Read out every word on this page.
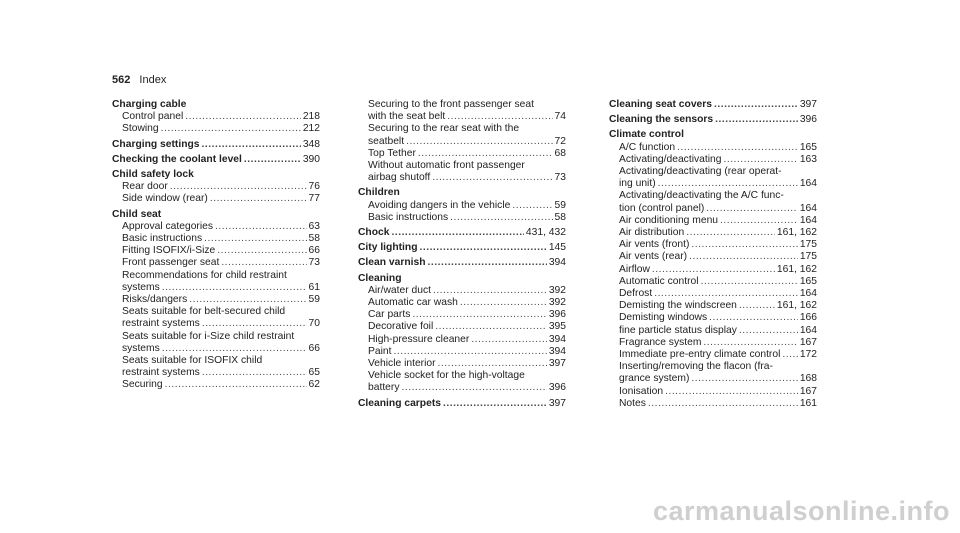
562 Index
Charging cable
Control panel .....	218
Stowing .....	212
Charging settings .....	348
Checking the coolant level .....	390
Child safety lock
Rear door .....	76
Side window (rear) .....	77
Child seat
Approval categories .....	63
Basic instructions .....	58
Fitting ISOFIX/i-Size .....	66
Front passenger seat .....	73
Recommendations for child restraint
systems .....	61
Risks/dangers .....	59
Seats suitable for belt-secured child
restraint systems .....	70
Seats suitable for i-Size child restraint
systems .....	66
Seats suitable for ISOFIX child
restraint systems .....	65
Securing .....	62
Securing to the front passenger seat
with the seat belt .....	74
Securing to the rear seat with the
seatbelt .....	72
Top Tether .....	68
Without automatic front passenger
airbag shutoff .....	73
Children
Avoiding dangers in the vehicle .....	59
Basic instructions .....	58
Chock .....	431, 432
City lighting .....	145
Clean varnish .....	394
Cleaning
Air/water duct .....	392
Automatic car wash .....	392
Car parts .....	396
Decorative foil .....	395
High-pressure cleaner .....	394
Paint .....	394
Vehicle interior .....	397
Vehicle socket for the high-voltage
battery .....	396
Cleaning carpets .....	397
Cleaning seat covers .....	397
Cleaning the sensors .....	396
Climate control
A/C function .....	165
Activating/deactivating .....	163
Activating/deactivating (rear operat-
ing unit) .....	164
Activating/deactivating the A/C func-
tion (control panel) .....	164
Air conditioning menu .....	164
Air distribution .....	161, 162
Air vents (front) .....	175
Air vents (rear) .....	175
Airflow .....	161, 162
Automatic control .....	165
Defrost .....	164
Demisting the windscreen .....	161, 162
Demisting windows .....	166
fine particle status display .....	164
Fragrance system .....	167
Immediate pre-entry climate control ..... 172
Inserting/removing the flacon (fra-
grance system) .....	168
Ionisation .....	167
Notes .....	161
carmanualsonline.info
